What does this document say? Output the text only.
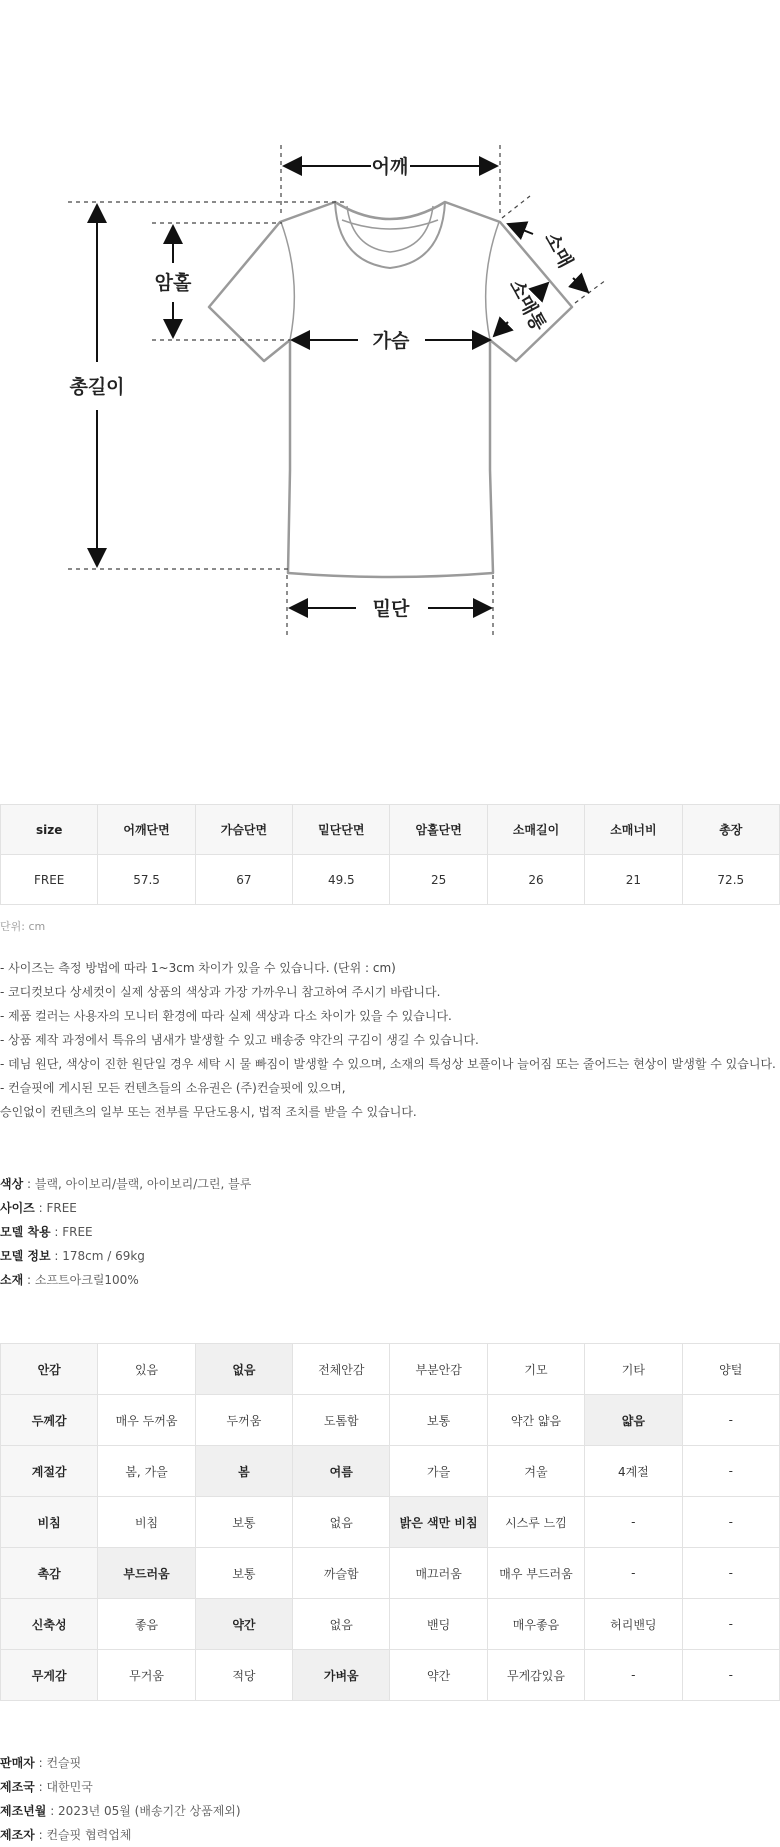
어깨
암홀
총길이
가슴
밑단
소매
소매통
size	어깨단면	가슴단면	밑단단면	암홀단면	소매길이	소매너비	총장
FREE	57.5	67	49.5	25	26	21	72.5
단위: cm
- 사이즈는 측정 방법에 따라 1~3cm 차이가 있을 수 있습니다. (단위 : cm)
- 코디컷보다 상세컷이 실제 상품의 색상과 가장 가까우니 참고하여 주시기 바랍니다.
- 제품 컬러는 사용자의 모니터 환경에 따라 실제 색상과 다소 차이가 있을 수 있습니다.
- 상품 제작 과정에서 특유의 냄새가 발생할 수 있고 배송중 약간의 구김이 생길 수 있습니다.
- 데님 원단, 색상이 진한 원단일 경우 세탁 시 물 빠짐이 발생할 수 있으며, 소재의 특성상 보풀이나 늘어짐 또는 줄어드는 현상이 발생할 수 있습니다.
- 컨슬핏에 게시된 모든 컨텐츠들의 소유권은 (주)컨슬핏에 있으며,
승인없이 컨텐츠의 일부 또는 전부를 무단도용시, 법적 조치를 받을 수 있습니다.
색상 : 블랙, 아이보리/블랙, 아이보리/그린, 블루
사이즈 : FREE
모델 착용 : FREE
모델 정보 : 178cm / 69kg
소재 : 소프트아크릴100%
안감	있음	없음	전체안감	부분안감	기모	기타	양털
두께감	매우 두꺼움	두꺼움	도톰함	보통	약간 얇음	얇음	-
계절감	봄, 가을	봄	여름	가을	겨울	4계절	-
비침	비침	보통	없음	밝은 색만 비침	시스루 느낌	-	-
촉감	부드러움	보통	까슬함	매끄러움	매우 부드러움	-	-
신축성	좋음	약간	없음	밴딩	매우좋음	허리밴딩	-
무게감	무거움	적당	가벼움	약간	무게감있음	-	-
판매자 : 컨슬핏
제조국 : 대한민국
제조년월 : 2023년 05월 (배송기간 상품제외)
제조자 : 컨슬핏 협력업체
